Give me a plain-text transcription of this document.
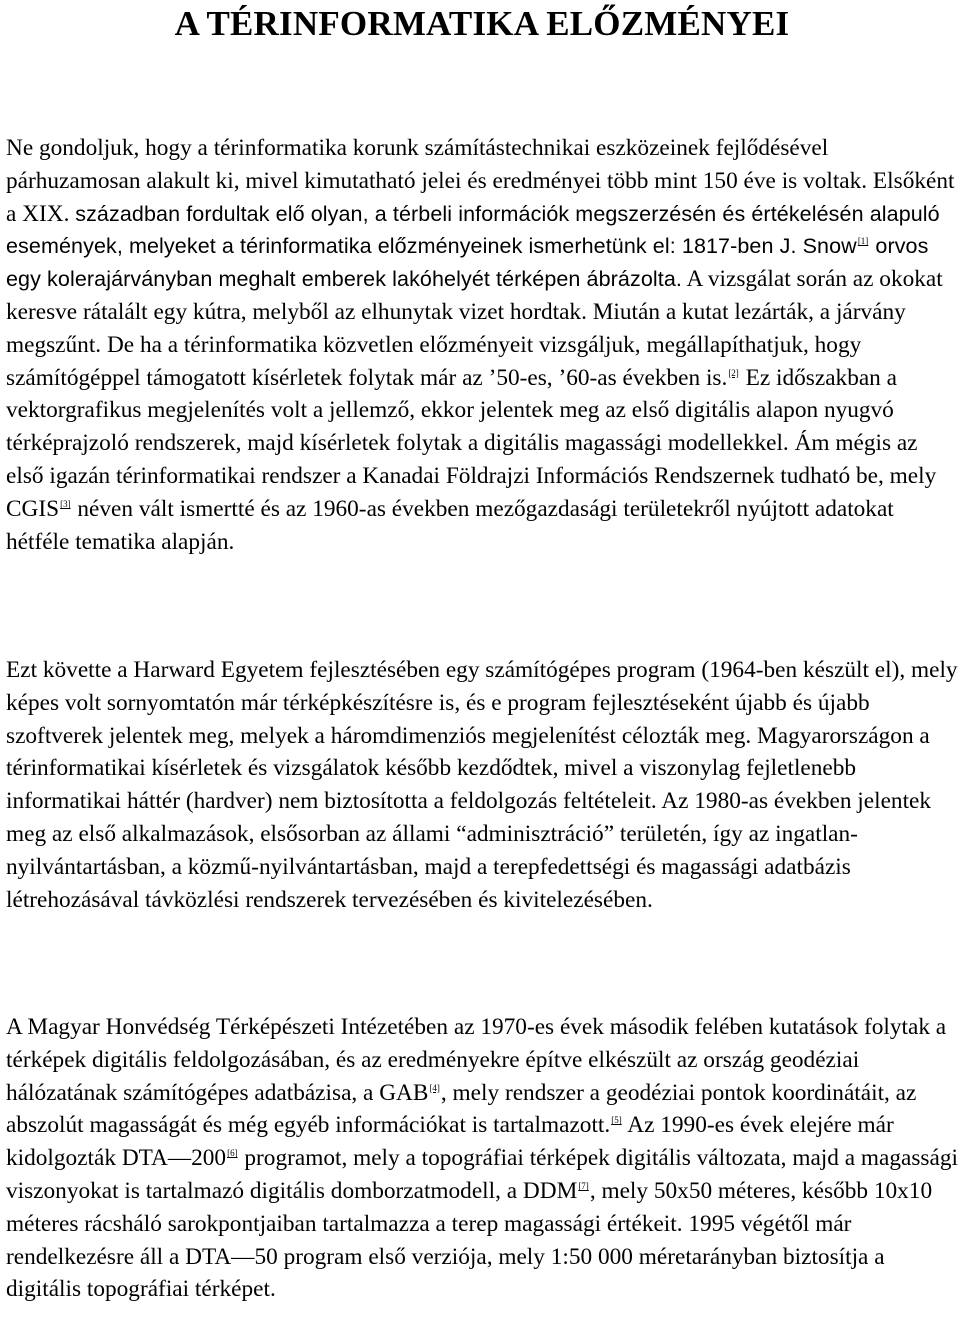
A TÉRINFORMATIKA ELŐZMÉNYEI

Ne gondoljuk, hogy a térinformatika korunk számítástechnikai eszközeinek fejlődésével párhuzamosan alakult ki, mivel kimutatható jelei és eredményei több mint 150 éve is voltak. Elsőként a XIX. században fordultak elő olyan, a térbeli információk megszerzésén és értékelésén alapuló események, melyeket a térinformatika előzményeinek ismerhetünk el: 1817-ben J. Snow[1] orvos egy kolerajárványban meghalt emberek lakóhelyét térképen ábrázolta. A vizsgálat során az okokat keresve rátalált egy kútra, melyből az elhunytak vizet hordtak. Miután a kutat lezárták, a járvány megszűnt. De ha a térinformatika közvetlen előzményeit vizsgáljuk, megállapíthatjuk, hogy számítógéppel támogatott kísérletek folytak már az ’50-es, ’60-as években is.[2] Ez időszakban a vektorgrafikus megjelenítés volt a jellemző, ekkor jelentek meg az első digitális alapon nyugvó térképrajzoló rendszerek, majd kísérletek folytak a digitális magassági modellekkel. Ám mégis az első igazán térinformatikai rendszer a Kanadai Földrajzi Információs Rendszernek tudható be, mely CGIS[3] néven vált ismertté és az 1960-as években mezőgazdasági területekről nyújtott adatokat hétféle tematika alapján.

Ezt követte a Harward Egyetem fejlesztésében egy számítógépes program (1964-ben készült el), mely képes volt sornyomtatón már térképkészítésre is, és e program fejlesztéseként újabb és újabb szoftverek jelentek meg, melyek a háromdimenziós megjelenítést célozták meg. Magyarországon a térinformatikai kísérletek és vizsgálatok később kezdődtek, mivel a viszonylag fejletlenebb informatikai háttér (hardver) nem biztosította a feldolgozás feltételeit. Az 1980-as években jelentek meg az első alkalmazások, elsősorban az állami “adminisztráció” területén, így az ingatlan-nyilvántartásban, a közmű-nyilvántartásban, majd a terepfedettségi és magassági adatbázis létrehozásával távközlési rendszerek tervezésében és kivitelezésében.

A Magyar Honvédség Térképészeti Intézetében az 1970-es évek második felében kutatások folytak a térképek digitális feldolgozásában, és az eredményekre építve elkészült az ország geodéziai hálózatának számítógépes adatbázisa, a GAB[4], mely rendszer a geodéziai pontok koordinátáit, az abszolút magasságát és még egyéb információkat is tartalmazott.[5] Az 1990-es évek elejére már kidolgozták DTA—200[6] programot, mely a topográfiai térképek digitális változata, majd a magassági viszonyokat is tartalmazó digitális domborzatmodell, a DDM[7], mely 50x50 méteres, később 10x10 méteres rácsháló sarokpontjaiban tartalmazza a terep magassági értékeit. 1995 végétől már rendelkezésre áll a DTA—50 program első verziója, mely 1:50 000 méretarányban biztosítja a digitális topográfiai térképet.
